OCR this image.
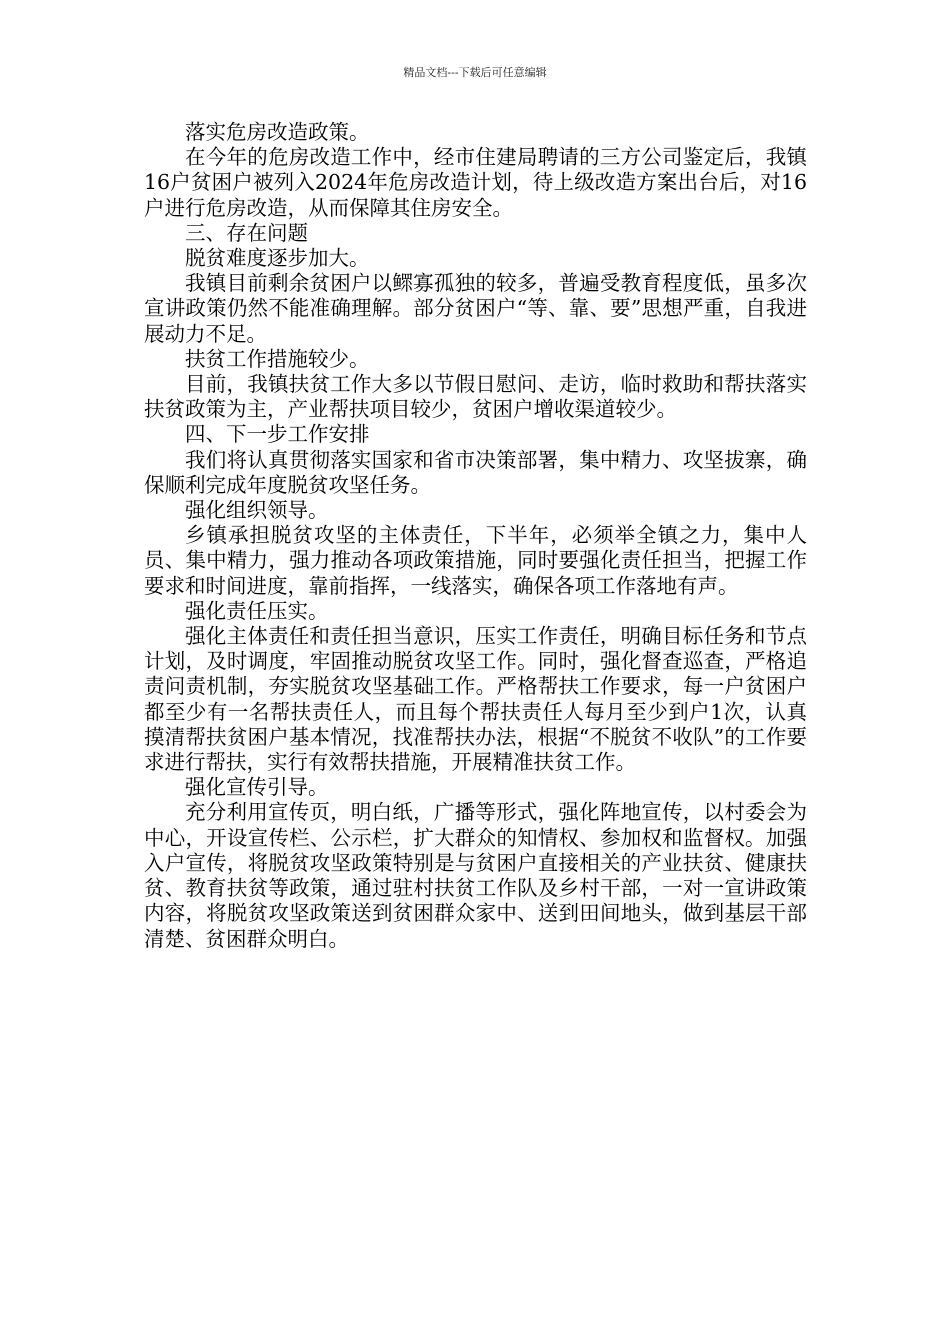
精品文档---下载后可任意编辑

落实危房改造政策。

在今年的危房改造工作中，经市住建局聘请的三方公司鉴定后，我镇16户贫困户被列入2024年危房改造计划，待上级改造方案出台后，对16户进行危房改造，从而保障其住房安全。

三、存在问题

脱贫难度逐步加大。

我镇目前剩余贫困户以鳏寡孤独的较多，普遍受教育程度低，虽多次宣讲政策仍然不能准确理解。部分贫困户“等、靠、要”思想严重，自我进展动力不足。

扶贫工作措施较少。

目前，我镇扶贫工作大多以节假日慰问、走访，临时救助和帮扶落实扶贫政策为主，产业帮扶项目较少，贫困户增收渠道较少。

四、下一步工作安排

我们将认真贯彻落实国家和省市决策部署，集中精力、攻坚拔寨，确保顺利完成年度脱贫攻坚任务。

强化组织领导。

乡镇承担脱贫攻坚的主体责任，下半年，必须举全镇之力，集中人员、集中精力，强力推动各项政策措施，同时要强化责任担当，把握工作要求和时间进度，靠前指挥，一线落实，确保各项工作落地有声。

强化责任压实。

强化主体责任和责任担当意识，压实工作责任，明确目标任务和节点计划，及时调度，牢固推动脱贫攻坚工作。同时，强化督查巡查，严格追责问责机制，夯实脱贫攻坚基础工作。严格帮扶工作要求，每一户贫困户都至少有一名帮扶责任人，而且每个帮扶责任人每月至少到户1次，认真摸清帮扶贫困户基本情况，找准帮扶办法，根据“不脱贫不收队”的工作要求进行帮扶，实行有效帮扶措施，开展精准扶贫工作。

强化宣传引导。

充分利用宣传页，明白纸，广播等形式，强化阵地宣传，以村委会为中心，开设宣传栏、公示栏，扩大群众的知情权、参加权和监督权。加强入户宣传，将脱贫攻坚政策特别是与贫困户直接相关的产业扶贫、健康扶贫、教育扶贫等政策，通过驻村扶贫工作队及乡村干部，一对一宣讲政策内容，将脱贫攻坚政策送到贫困群众家中、送到田间地头，做到基层干部清楚、贫困群众明白。
